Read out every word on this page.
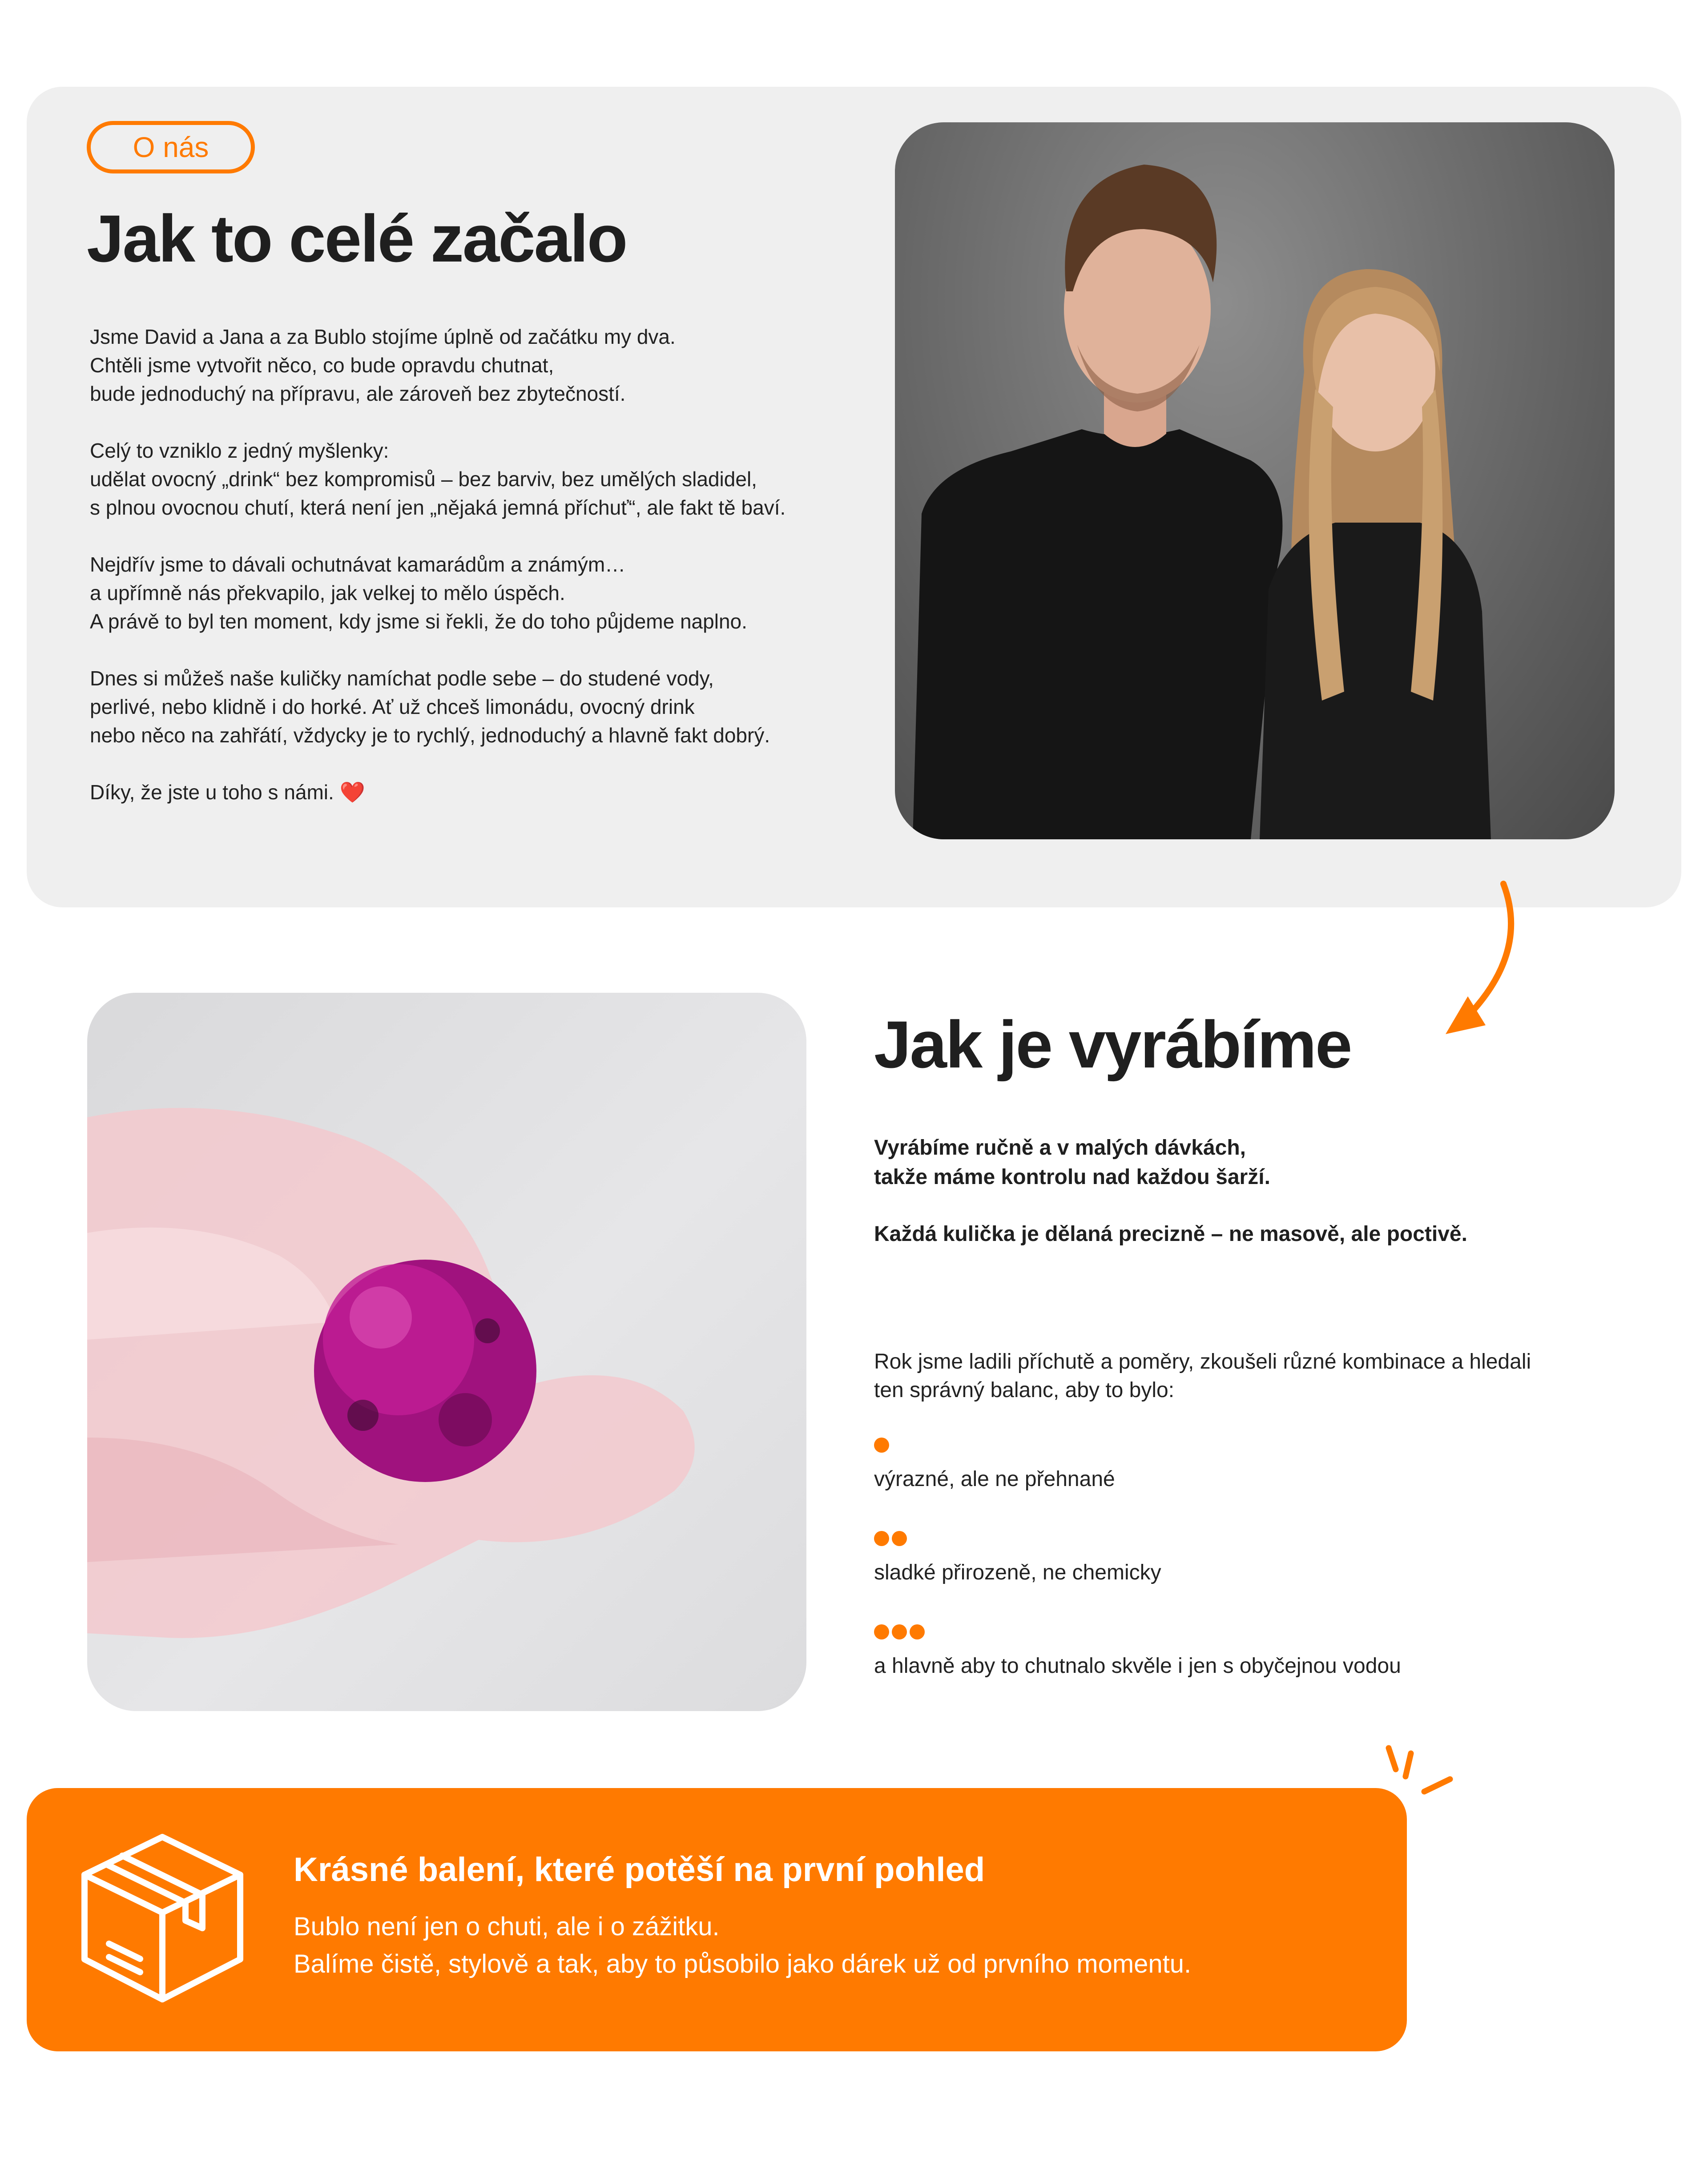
O nás
Jak to celé začalo

Jsme David a Jana a za Bublo stojíme úplně od začátku my dva.
Chtěli jsme vytvořit něco, co bude opravdu chutnat,
bude jednoduchý na přípravu, ale zároveň bez zbytečností.

Celý to vzniklo z jedný myšlenky:
udělat ovocný „drink“ bez kompromisů – bez barviv, bez umělých sladidel,
s plnou ovocnou chutí, která není jen „nějaká jemná příchuť“, ale fakt tě baví.

Nejdřív jsme to dávali ochutnávat kamarádům a známým…
a upřímně nás překvapilo, jak velkej to mělo úspěch.
A právě to byl ten moment, kdy jsme si řekli, že do toho půjdeme naplno.

Dnes si můžeš naše kuličky namíchat podle sebe – do studené vody,
perlivé, nebo klidně i do horké. Ať už chceš limonádu, ovocný drink
nebo něco na zahřátí, vždycky je to rychlý, jednoduchý a hlavně fakt dobrý.

Díky, že jste u toho s námi. ❤️

Jak je vyrábíme
Vyrábíme ručně a v malých dávkách,
takže máme kontrolu nad každou šarží.
Každá kulička je dělaná precizně – ne masově, ale poctivě.
Rok jsme ladili příchutě a poměry, zkoušeli různé kombinace a hledali
ten správný balanc, aby to bylo:
výrazné, ale ne přehnané
sladké přirozeně, ne chemicky
a hlavně aby to chutnalo skvěle i jen s obyčejnou vodou
Krásné balení, které potěší na první pohled
Bublo není jen o chuti, ale i o zážitku.
Balíme čistě, stylově a tak, aby to působilo jako dárek už od prvního momentu.
